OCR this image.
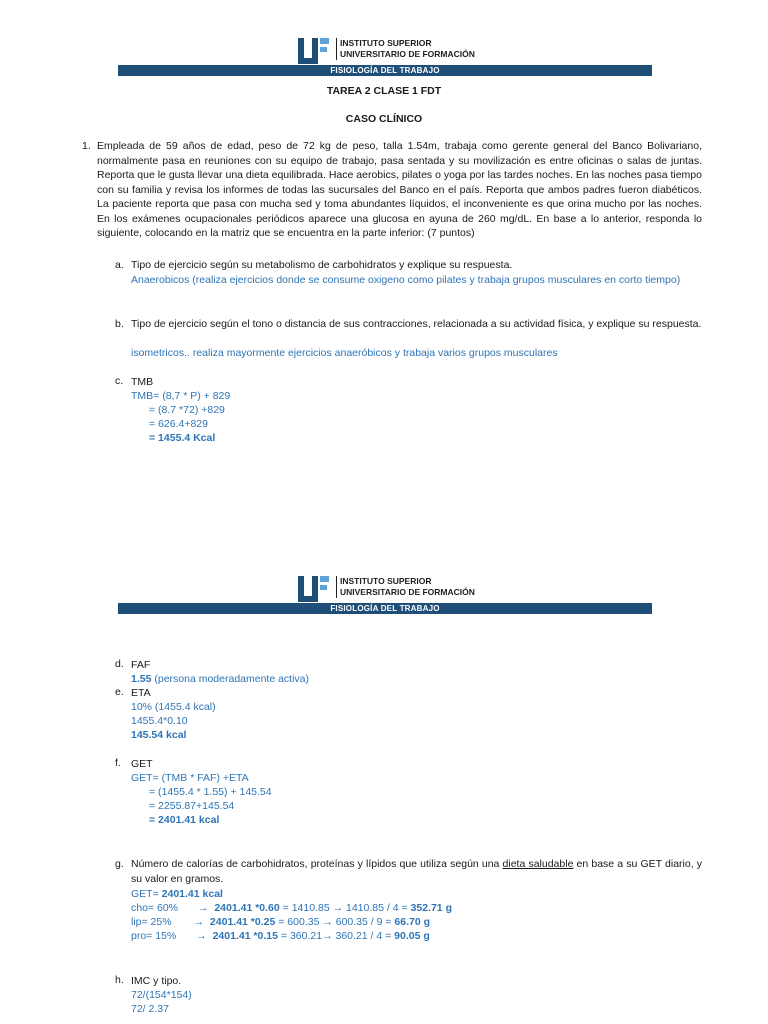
INSTITUTO SUPERIOR
UNIVERSITARIO DE FORMACIÓN
FISIOLOGÍA DEL TRABAJO
TAREA 2 CLASE 1 FDT
CASO CLÍNICO
1. Empleada de 59 años de edad, peso de 72 kg de peso, talla 1.54m, trabaja como gerente general del Banco Bolivariano, normalmente pasa en reuniones con su equipo de trabajo, pasa sentada y su movilización es entre oficinas o salas de juntas. Reporta que le gusta llevar una dieta equilibrada. Hace aerobics, pilates o yoga por las tardes noches. En las noches pasa tiempo con su familia y revisa los informes de todas las sucursales del Banco en el país. Reporta que ambos padres fueron diabéticos. La paciente reporta que pasa con mucha sed y toma abundantes líquidos, el inconveniente es que orina mucho por las noches. En los exámenes ocupacionales periódicos aparece una glucosa en ayuna de 260 mg/dL. En base a lo anterior, responda lo siguiente, colocando en la matriz que se encuentra en la parte inferior: (7 puntos)
a. Tipo de ejercicio según su metabolismo de carbohidratos y explique su respuesta.
Anaerobicos (realiza ejercicios donde se consume oxigeno como pilates y trabaja grupos musculares en corto tiempo)
b. Tipo de ejercicio según el tono o distancia de sus contracciones, relacionada a su actividad física, y explique su respuesta.
isometricos.. realiza mayormente ejercicios anaeróbicos y trabaja varios grupos musculares
c. TMB
TMB= (8,7 * P) + 829
= (8.7 *72) +829
= 626.4+829
= 1455.4 Kcal
INSTITUTO SUPERIOR
UNIVERSITARIO DE FORMACIÓN
FISIOLOGÍA DEL TRABAJO
d. FAF
1.55 (persona moderadamente activa)
e. ETA
10% (1455.4 kcal)
1455.4*0.10
145.54 kcal
f. GET
GET= (TMB * FAF) +ETA
= (1455.4 * 1.55) + 145.54
= 2255.87+145.54
= 2401.41 kcal
g. Número de calorías de carbohidratos, proteínas y lípidos que utiliza según una dieta saludable en base a su GET diario, y su valor en gramos.
GET= 2401.41 kcal
cho= 60% → 2401.41 *0.60 = 1410.85 → 1410.85 / 4 = 352.71 g
lip= 25% → 2401.41 *0.25 = 600.35 → 600.35 / 9 = 66.70 g
pro= 15% → 2401.41 *0.15 = 360.21→ 360.21 / 4 = 90.05 g
h. IMC y tipo.
72/(154*154)
72/ 2.37
